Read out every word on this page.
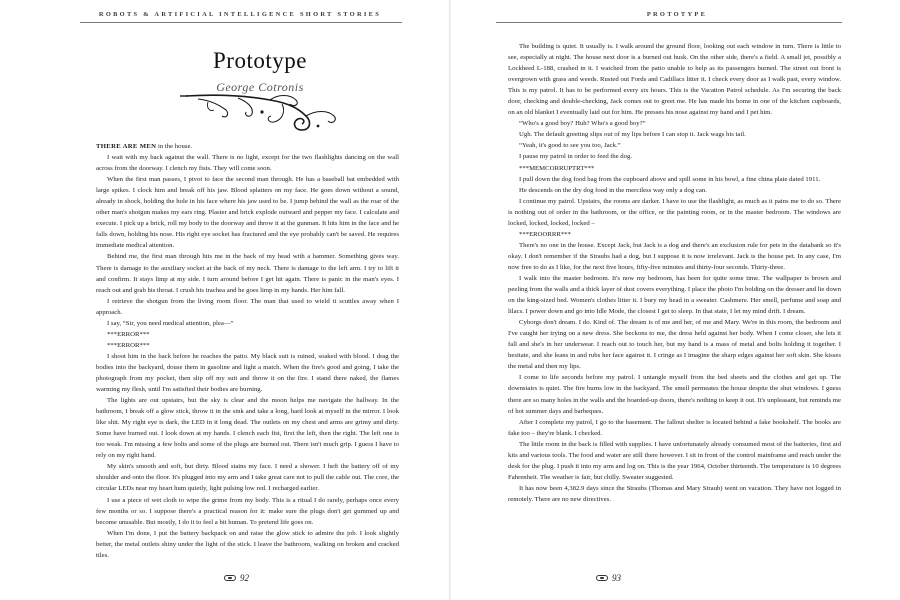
ROBOTS & ARTIFICIAL INTELLIGENCE SHORT STORIES
Prototype
George Cotronis

THERE ARE MEN in the house.

I wait with my back against the wall. There is no light, except for the two flashlights dancing on the wall across from the doorway. I clench my fists. They will come soon.

When the first man passes, I pivot to face the second man through. He has a baseball bat embedded with large spikes. I clock him and break off his jaw. Blood splatters on my face. He goes down without a sound, already in shock, holding the hole in his face where his jaw used to be. I jump behind the wall as the roar of the other man's shotgun makes my ears ring. Plaster and brick explode outward and pepper my face. I calculate and execute. I pick up a brick, roll my body to the doorway and throw it at the gunman. It hits him in the face and he falls down, holding his nose. His right eye socket has fractured and the eye probably can't be saved. He requires immediate medical attention.

Behind me, the first man through hits me in the back of my head with a hammer. Something gives way. There is damage to the auxiliary socket at the back of my neck. There is damage to the left arm. I try to lift it and confirm. It stays limp at my side. I turn around before I get hit again. There is panic in the man's eyes. I reach out and grab his throat. I crush his trachea and he goes limp in my hands. Her him fall.

I retrieve the shotgun from the living room floor. The man that used to wield it scuttles away when I approach.

I say, “Sir, you need medical attention, plea—”

***ERROR***

***ERROR***

I shoot him in the back before he reaches the patio. My black suit is ruined, soaked with blood. I drag the bodies into the backyard, douse them in gasoline and light a match. When the fire's good and going, I take the photograph from my pocket, then slip off my suit and throw it on the fire. I stand there naked, the flames warming my flesh, until I'm satisfied their bodies are burning.

The lights are out upstairs, but the sky is clear and the moon helps me navigate the hallway. In the bathroom, I break off a glow stick, throw it in the sink and take a long, hard look at myself in the mirror. I look like shit. My right eye is dark, the LED in it long dead. The outlets on my chest and arms are grimy and dirty. Some have burned out. I look down at my hands. I clench each fist, first the left, then the right. The left one is too weak. I'm missing a few bolts and some of the plugs are burned out. There isn't much grip. I guess I have to rely on my right hand.

My skin's smooth and soft, but dirty. Blood stains my face. I need a shower. I heft the battery off of my shoulder and onto the floor. It's plugged into my arm and I take great care not to pull the cable out. The core, the circular LEDs near my heart hum quietly, light pulsing low red. I recharged earlier.

I use a piece of wet cloth to wipe the grime from my body. This is a ritual I do rarely, perhaps once every few months or so. I suppose there's a practical reason for it: make sure the plugs don't get gummed up and become unusable. But mostly, I do it to feel a bit human. To pretend life goes on.

When I'm done, I put the battery backpack on and raise the glow stick to admire the job. I look slightly better, the metal outlets shiny under the light of the stick. I leave the bathroom, walking on broken and cracked tiles.

92
PROTOTYPE

The building is quiet. It usually is. I walk around the ground floor, looking out each window in turn. There is little to see, especially at night. The house next door is a burned out husk. On the other side, there's a field. A small jet, possibly a Lockheed L-188, crashed in it. I watched from the patio unable to help as its passengers burned. The street out front is overgrown with grass and weeds. Rusted out Fords and Cadillacs litter it. I check every door as I walk past, every window. This is my patrol. It has to be performed every six hours. This is the Vacation Patrol schedule. As I'm securing the back door, checking and double-checking, Jack comes out to greet me. He has made his home in one of the kitchen cupboards, on an old blanket I eventually laid out for him. He presses his nose against my hand and I pet him.

“Who's a good boy? Huh? Who's a good boy?”

Ugh. The default greeting slips out of my lips before I can stop it. Jack wags his tail.

“Yeah, it's good to see you too, Jack.”

I pause my patrol in order to feed the dog.

***MEMCORRUPTRT***

I pull down the dog food bag from the cupboard above and spill some in his bowl, a fine china plate dated 1911.

He descends on the dry dog food in the merciless way only a dog can.

I continue my patrol. Upstairs, the rooms are darker. I have to use the flashlight, as much as it pains me to do so. There is nothing out of order in the bathroom, or the office, or the painting room, or in the master bedroom. The windows are locked, locked, locked, locked –

***EROORRR***

There's no one in the house. Except Jack, but Jack is a dog and there's an exclusion rule for pets in the databank so it's okay. I don't remember if the Straubs had a dog, but I suppose it is now irrelevant. Jack is the house pet. In any case, I'm now free to do as I like, for the next five hours, fifty-five minutes and thirty-four seconds. Thirty-three.

I walk into the master bedroom. It's now my bedroom, has been for quite some time. The wallpaper is brown and peeling from the walls and a thick layer of dust covers everything. I place the photo I'm holding on the dresser and lie down on the king-sized bed. Women's clothes litter it. I bury my head in a sweater. Cashmere. Her smell, perfume and soap and lilacs. I power down and go into Idle Mode, the closest I get to sleep. In that state, I let my mind drift. I dream.

Cyborgs don't dream. I do. Kind of. The dream is of me and her, of me and Mary. We're in this room, the bedroom and I've caught her trying on a new dress. She beckons to me, the dress held against her body. When I come closer, she lets it fall and she's in her underwear. I reach out to touch her, but my hand is a mass of metal and bolts holding it together. I hesitate, and she leans in and rubs her face against it. I cringe as I imagine the sharp edges against her soft skin. She kisses the metal and then my lips.

I come to life seconds before my patrol. I untangle myself from the bed sheets and the clothes and get up. The downstairs is quiet. The fire burns low in the backyard. The smell permeates the house despite the shut windows. I guess there are so many holes in the walls and the boarded-up doors, there's nothing to keep it out. It's unpleasant, but reminds me of hot summer days and barbeques.

After I complete my patrol, I go to the basement. The fallout shelter is located behind a fake bookshelf. The books are fake too – they're blank. I checked.

The little room in the back is filled with supplies. I have unfortunately already consumed most of the batteries, first aid kits and various tools. The food and water are still there however. I sit in front of the control mainframe and reach under the desk for the plug. I push it into my arm and log on. This is the year 1964, October thirteenth. The temperature is 10 degrees Fahrenheit. The weather is fair, but chilly. Sweater suggested.

It has now been 4,382.9 days since the Straubs (Thomas and Mary Straub) went on vacation. They have not logged in remotely. There are no new directives.

93
